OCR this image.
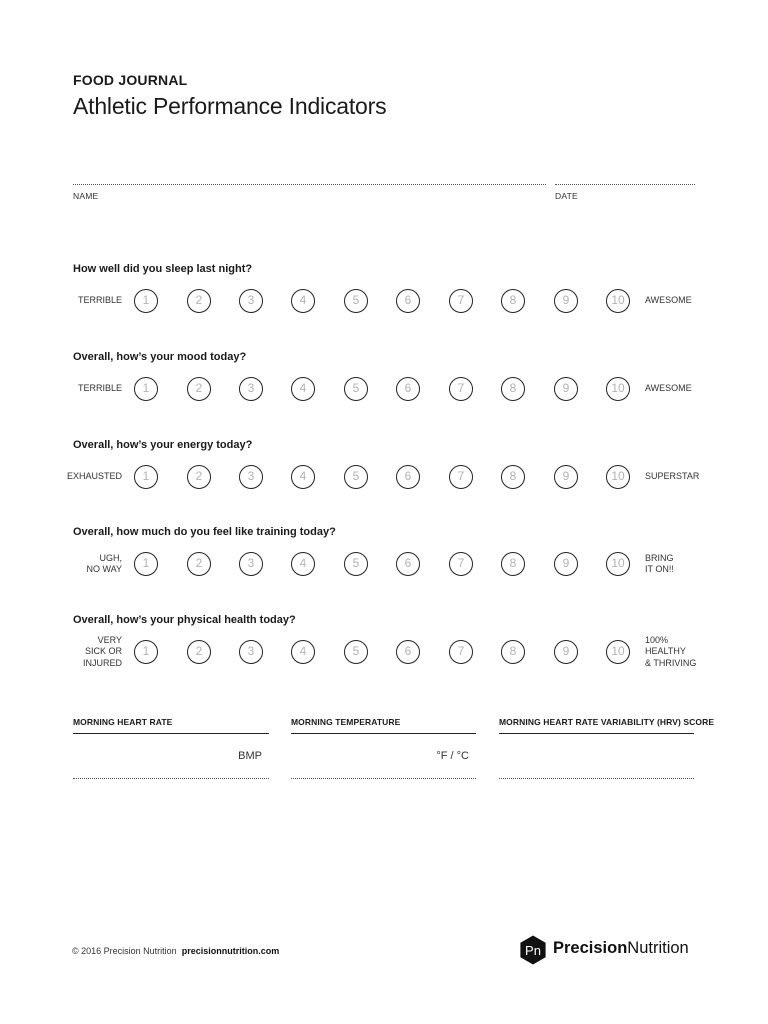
FOOD JOURNAL
Athletic Performance Indicators
NAME	DATE
How well did you sleep last night?
TERRIBLE	1	2	3	4	5	6	7	8	9	10	AWESOME
Overall, how’s your mood today?
TERRIBLE	1	2	3	4	5	6	7	8	9	10	AWESOME
Overall, how’s your energy today?
EXHAUSTED	1	2	3	4	5	6	7	8	9	10	SUPERSTAR
Overall, how much do you feel like training today?
UGH,
NO WAY	1	2	3	4	5	6	7	8	9	10	BRING
IT ON!!
Overall, how’s your physical health today?
VERY
SICK OR
INJURED
1	2	3	4	5	6	7	8	9	10
100%
HEALTHY
& THRIVING
MORNING HEART RATE
BMP
MORNING TEMPERATURE
°F / °C
MORNING HEART RATE VARIABILITY (HRV) SCORE
© 2016 Precision Nutrition precisionnutrition.com	Pn PrecisionNutrition
